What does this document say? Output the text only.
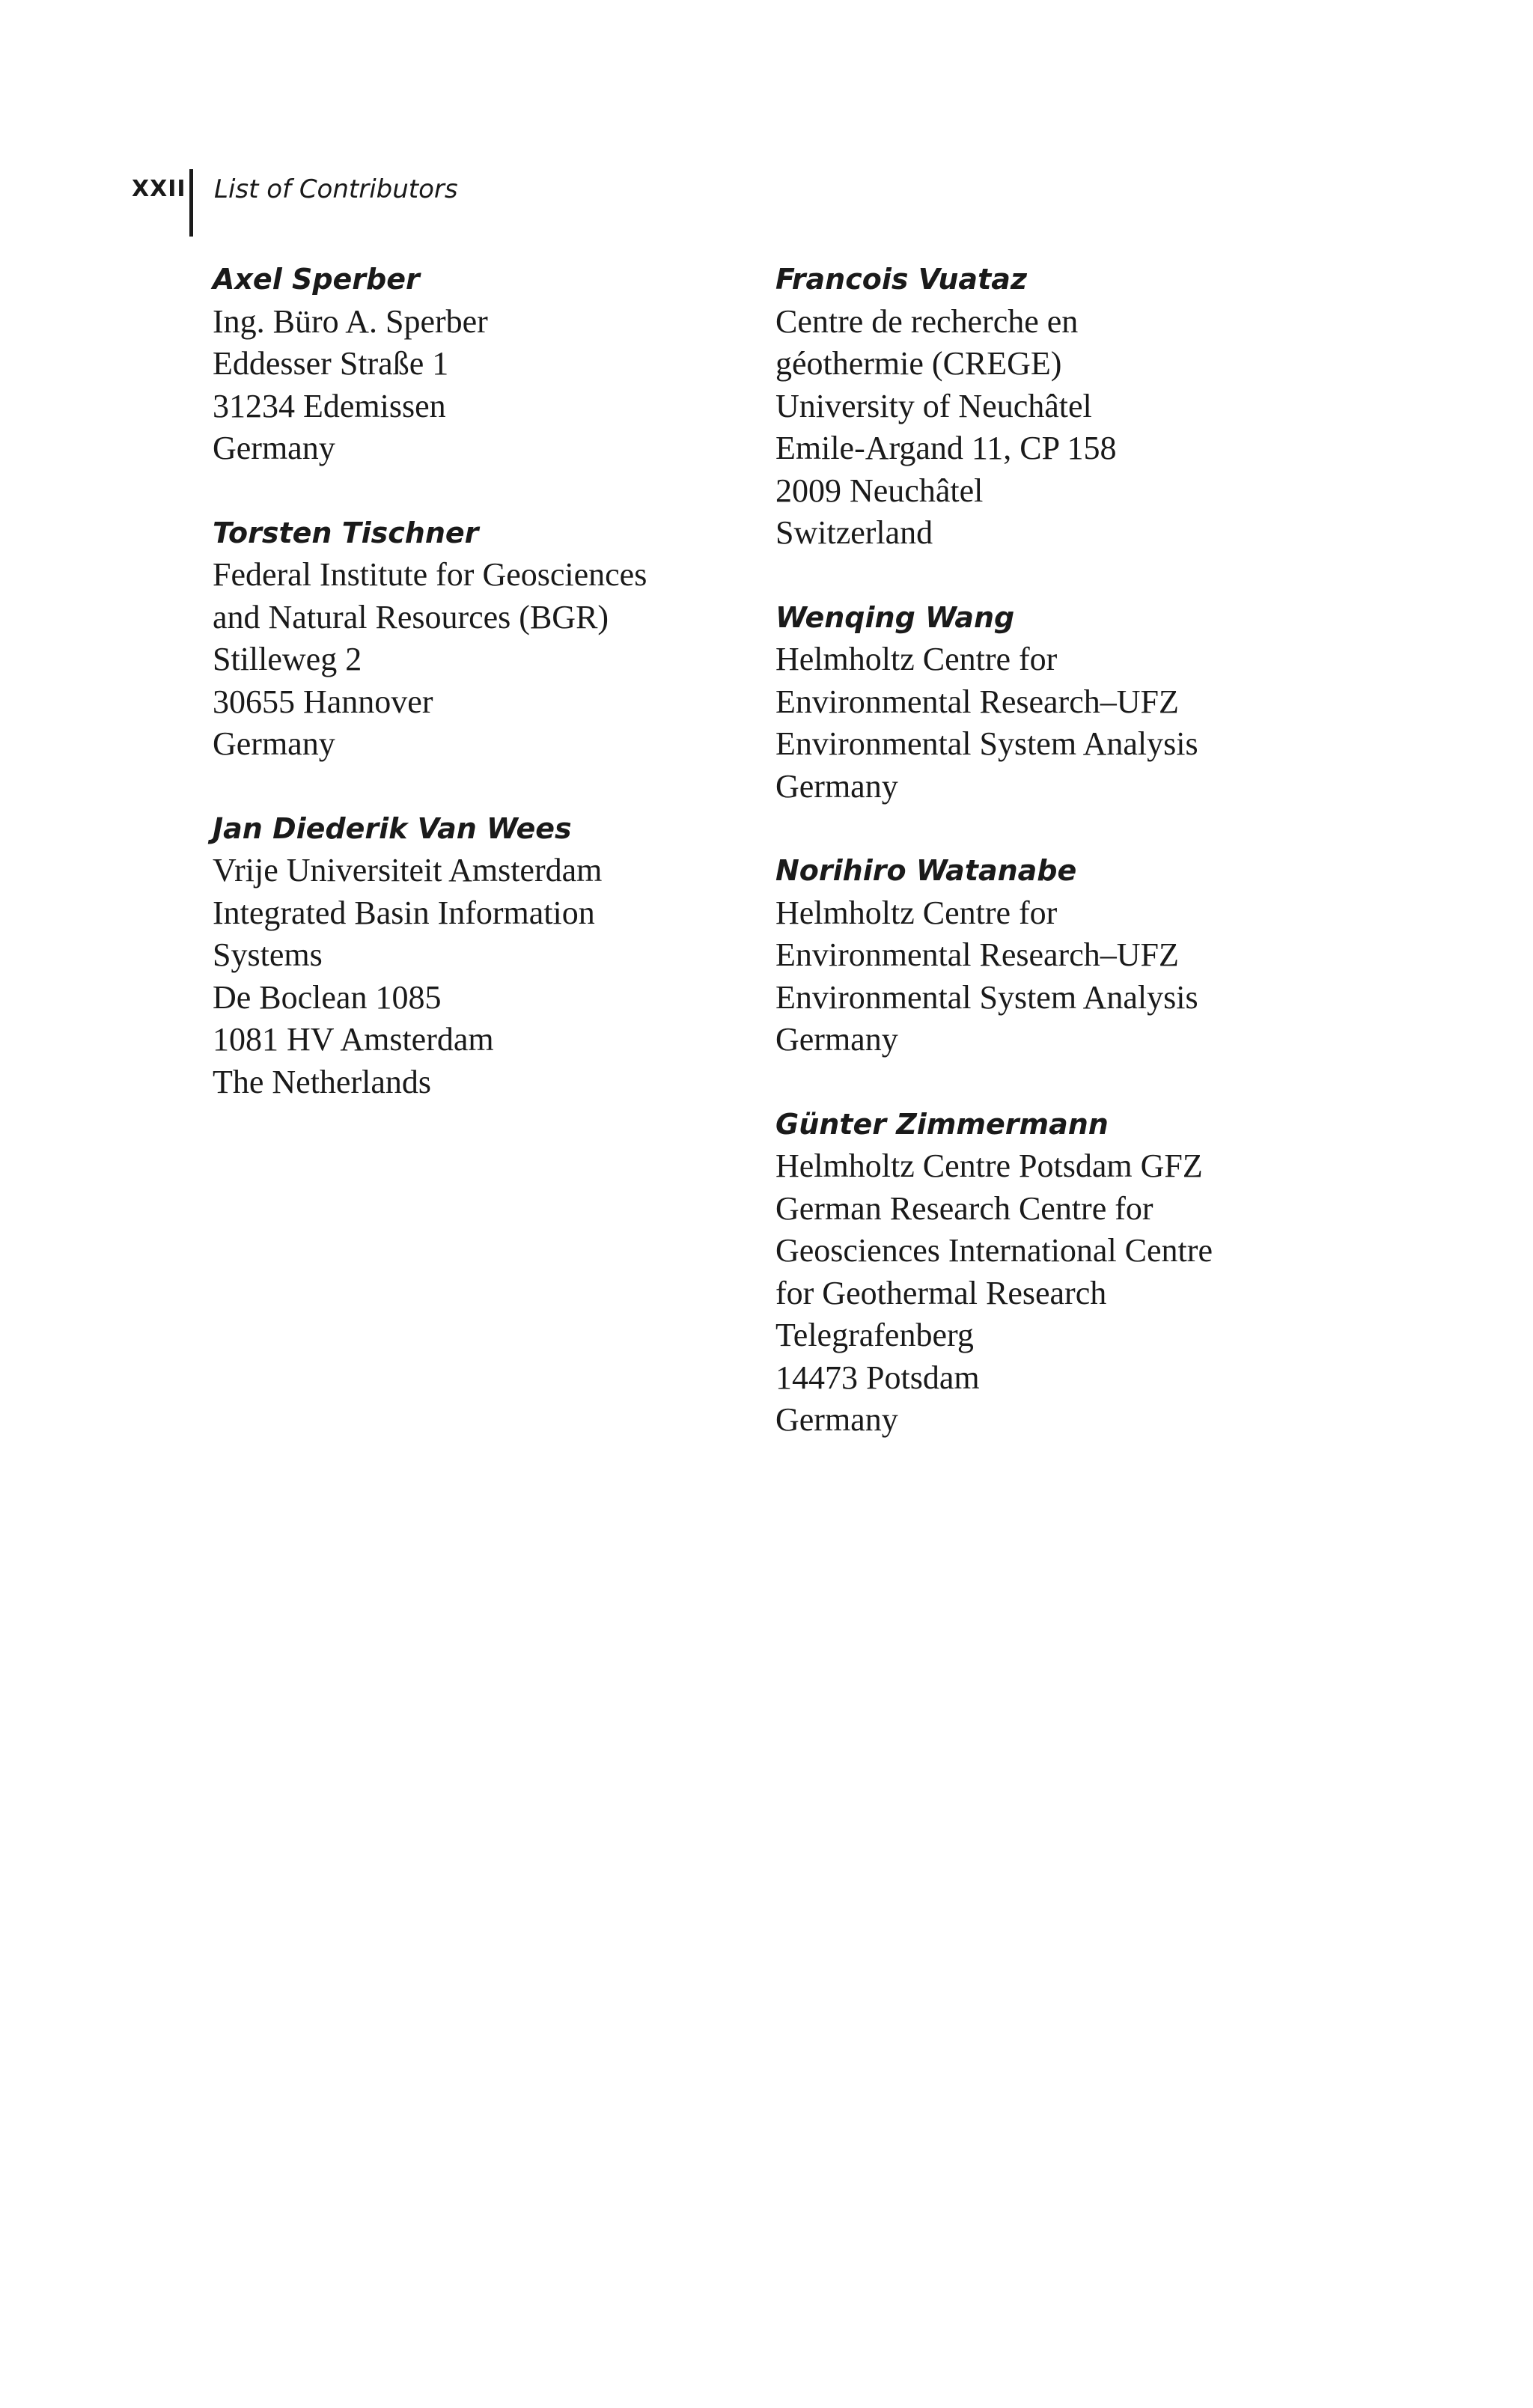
XXII List of Contributors
Axel Sperber
Ing. Büro A. Sperber
Eddesser Straße 1
31234 Edemissen
Germany
Torsten Tischner
Federal Institute for Geosciences
and Natural Resources (BGR)
Stilleweg 2
30655 Hannover
Germany
Jan Diederik Van Wees
Vrije Universiteit Amsterdam
Integrated Basin Information
Systems
De Boclean 1085
1081 HV Amsterdam
The Netherlands
Francois Vuataz
Centre de recherche en
géothermie (CREGE)
University of Neuchâtel
Emile-Argand 11, CP 158
2009 Neuchâtel
Switzerland
Wenqing Wang
Helmholtz Centre for
Environmental Research–UFZ
Environmental System Analysis
Germany
Norihiro Watanabe
Helmholtz Centre for
Environmental Research–UFZ
Environmental System Analysis
Germany
Günter Zimmermann
Helmholtz Centre Potsdam GFZ
German Research Centre for
Geosciences International Centre
for Geothermal Research
Telegrafenberg
14473 Potsdam
Germany
